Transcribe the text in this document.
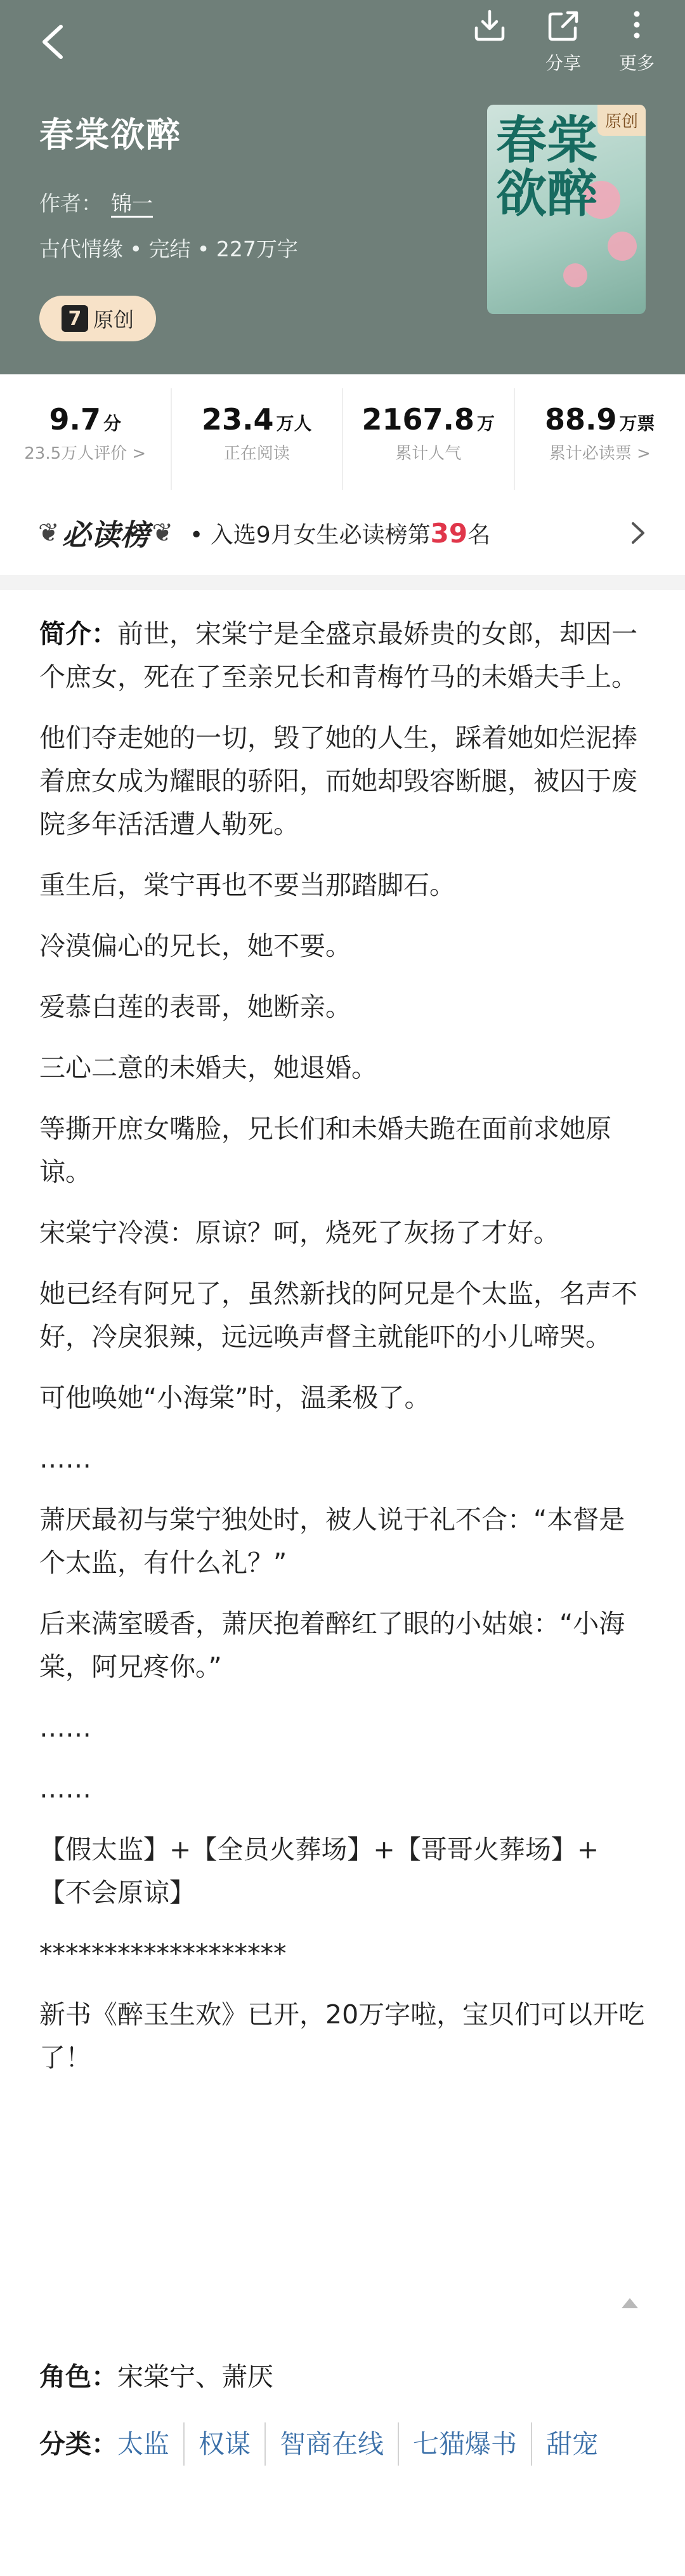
分享 更多
春棠欲醉
作者： 锦一
古代情缘 • 完结 • 227万字
7 原创
春棠欲醉
原创
9.7 分
23.5万人评价 >
23.4 万人
正在阅读
2167.8 万
累计人气
88.9 万票
累计必读票 >
❦ 必读榜 ❦ • 入选9月女生必读榜第39名

简介：前世，宋棠宁是全盛京最娇贵的女郎，却因一个庶女，死在了至亲兄长和青梅竹马的未婚夫手上。

他们夺走她的一切，毁了她的人生，踩着她如烂泥捧着庶女成为耀眼的骄阳，而她却毁容断腿，被囚于废院多年活活遭人勒死。

重生后，棠宁再也不要当那踏脚石。

冷漠偏心的兄长，她不要。

爱慕白莲的表哥，她断亲。

三心二意的未婚夫，她退婚。

等撕开庶女嘴脸，兄长们和未婚夫跪在面前求她原谅。

宋棠宁冷漠：原谅？呵，烧死了灰扬了才好。

她已经有阿兄了，虽然新找的阿兄是个太监，名声不好，冷戾狠辣，远远唤声督主就能吓的小儿啼哭。

可他唤她“小海棠”时，温柔极了。

……

萧厌最初与棠宁独处时，被人说于礼不合：“本督是个太监，有什么礼？”

后来满室暖香，萧厌抱着醉红了眼的小姑娘：“小海棠，阿兄疼你。”

……

……

【假太监】+【全员火葬场】+【哥哥火葬场】+【不会原谅】

*******************

新书《醉玉生欢》已开，20万字啦，宝贝们可以开吃了！

角色：宋棠宁、萧厌
分类： 太监	权谋	智商在线	七猫爆书	甜宠
